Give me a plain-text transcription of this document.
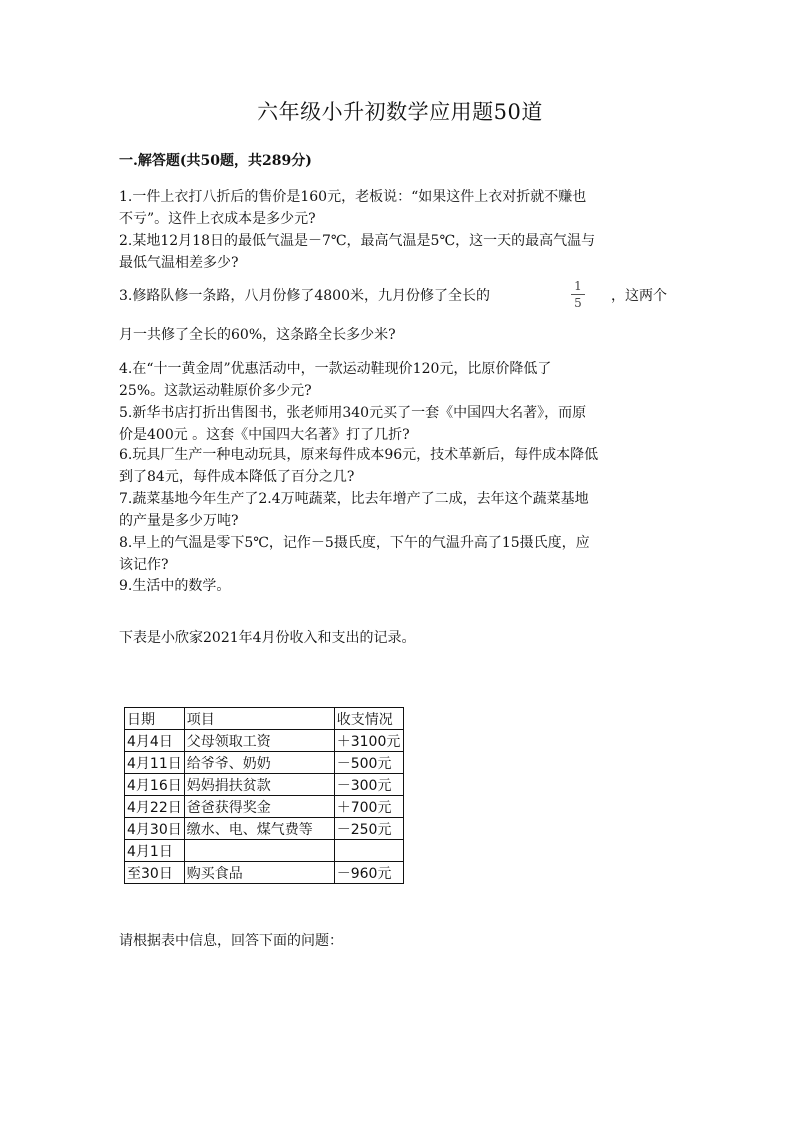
六年级小升初数学应用题50道
一.解答题(共50题，共289分)
1.一件上衣打八折后的售价是160元，老板说：“如果这件上衣对折就不赚也
不亏”。这件上衣成本是多少元?
2.某地12月18日的最低气温是－7℃，最高气温是5℃，这一天的最高气温与
最低气温相差多少?
3.修路队修一条路，八月份修了4800米，九月份修了全长的
1
5	，这两个
月一共修了全长的60%，这条路全长多少米?
4.在“十一黄金周”优惠活动中，一款运动鞋现价120元，比原价降低了
25%。这款运动鞋原价多少元?
5.新华书店打折出售图书，张老师用340元买了一套《中国四大名著》，而原
价是400元 。这套《中国四大名著》打了几折?
6.玩具厂生产一种电动玩具，原来每件成本96元，技术革新后，每件成本降低
到了84元，每件成本降低了百分之几?
7.蔬菜基地今年生产了2.4万吨蔬菜，比去年增产了二成，去年这个蔬菜基地
的产量是多少万吨?
8.早上的气温是零下5℃，记作－5摄氏度，下午的气温升高了15摄氏度，应
该记作?
9.生活中的数学。
下表是小欣家2021年4月份收入和支出的记录。
日期	项目	收支情况
4月4日	父母领取工资	＋3100元
4月11日	给爷爷、奶奶	－500元
4月16日	妈妈捐扶贫款	－300元
4月22日	爸爸获得奖金	＋700元
4月30日	缴水、电、煤气费等	－250元
4月1日		
至30日	购买食品	－960元
请根据表中信息，回答下面的问题：
